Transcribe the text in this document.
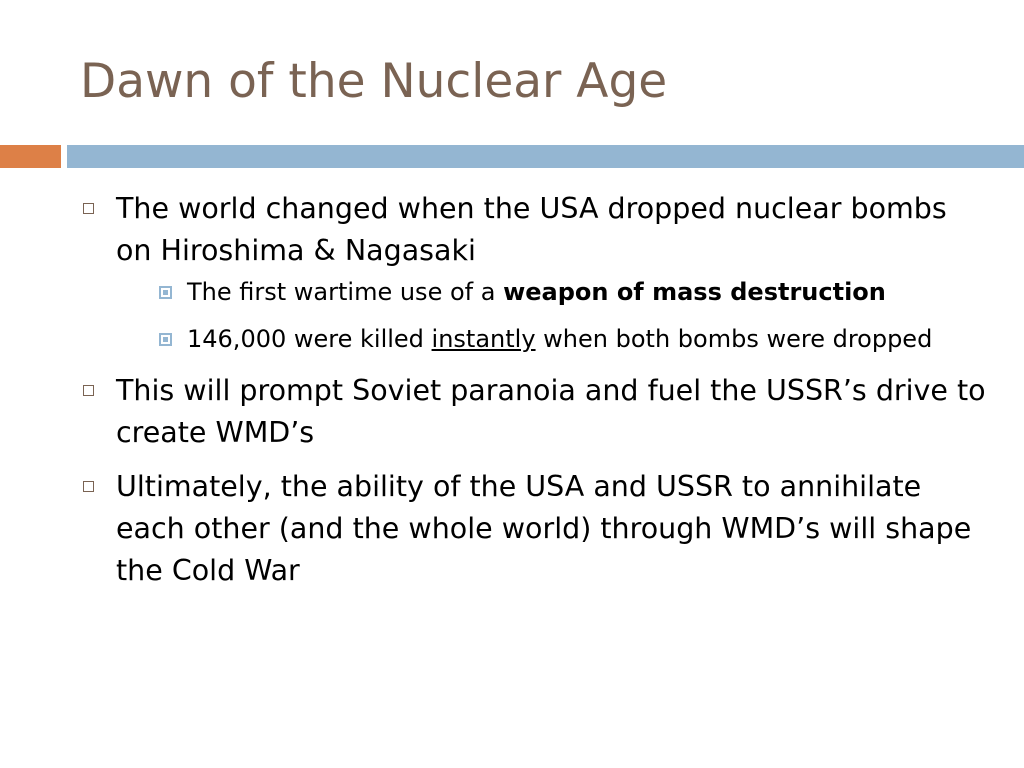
Dawn of the Nuclear Age
The world changed when the USA dropped nuclear bombs on Hiroshima & Nagasaki
The first wartime use of a weapon of mass destruction
146,000 were killed instantly when both bombs were dropped
This will prompt Soviet paranoia and fuel the USSR’s drive to create WMD’s
Ultimately, the ability of the USA and USSR to annihilate each other (and the whole world) through WMD’s will shape the Cold War
